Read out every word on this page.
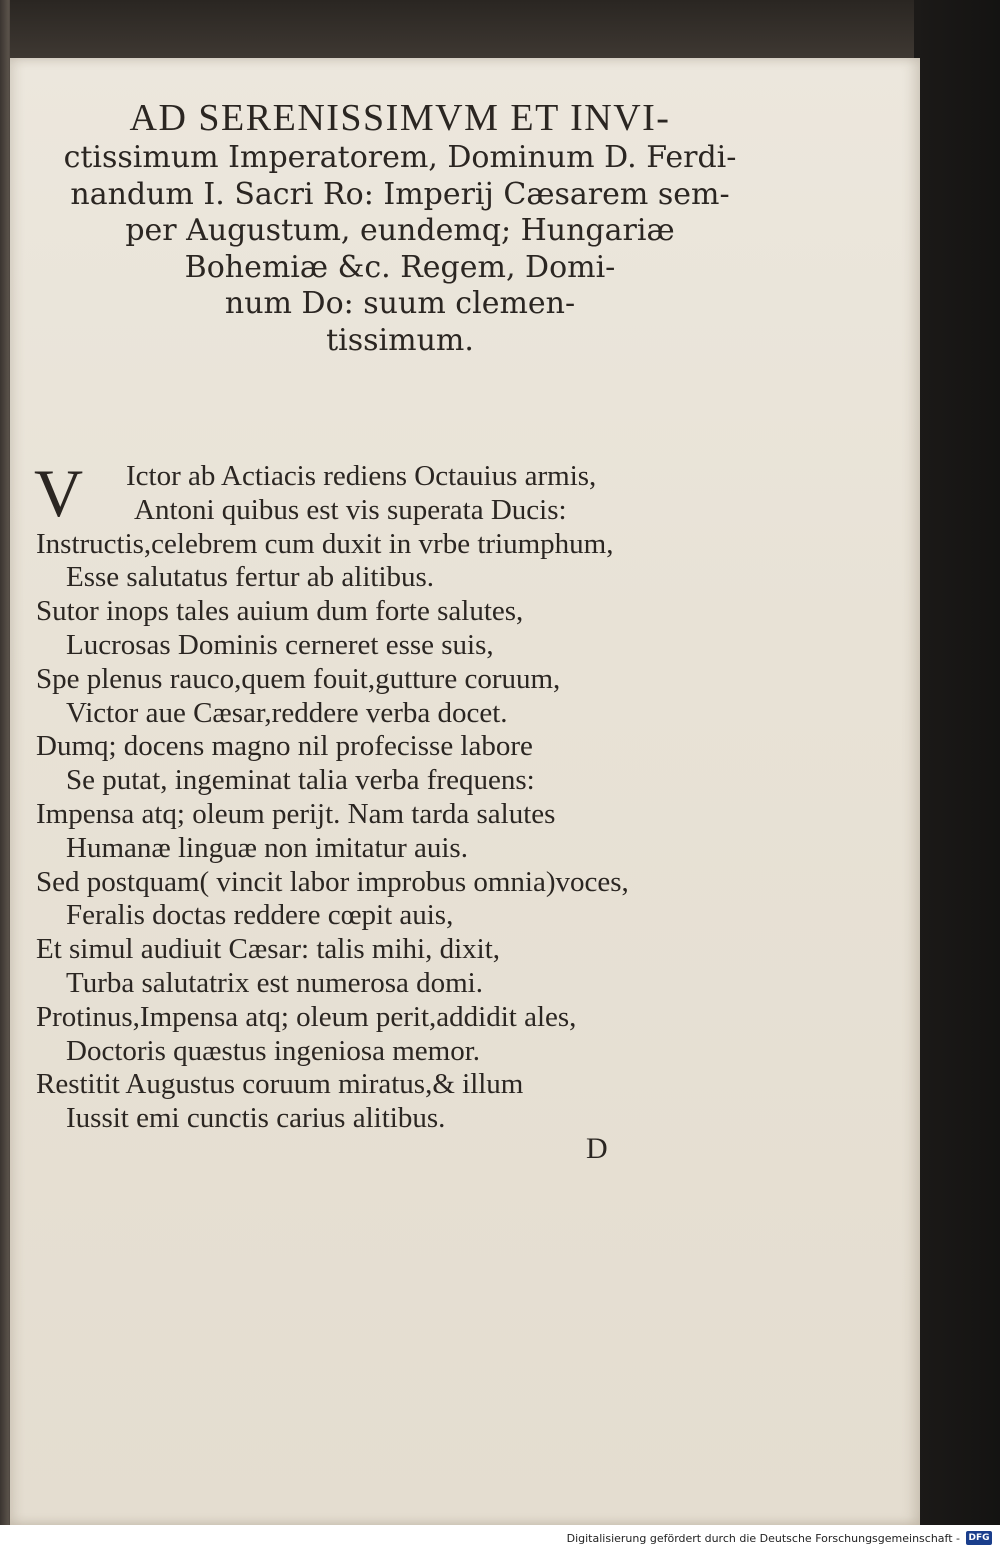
AD SERENISSIMVM ET INVI-
ctissimum Imperatorem, Dominum D. Ferdi-
nandum I. Sacri Ro: Imperij Cæsarem sem-
per Augustum, eundemq; Hungariæ
Bohemiæ &c. Regem, Domi-
num Do: suum clemen-
tissimum.
V	Ictor ab Actiacis rediens Octauius armis,

Antoni quibus est vis superata Ducis:

Instructis,celebrem cum duxit in vrbe triumphum,

Esse salutatus fertur ab alitibus.

Sutor inops tales auium dum forte salutes,

Lucrosas Dominis cerneret esse suis,

Spe plenus rauco,quem fouit,gutture coruum,

Victor aue Cæsar,reddere verba docet.

Dumq; docens magno nil profecisse labore

Se putat, ingeminat talia verba frequens:

Impensa atq; oleum perijt. Nam tarda salutes

Humanæ linguæ non imitatur auis.

Sed postquam( vincit labor improbus omnia)voces,

Feralis doctas reddere cœpit auis,

Et simul audiuit Cæsar: talis mihi, dixit,

Turba salutatrix est numerosa domi.

Protinus,Impensa atq; oleum perit,addidit ales,

Doctoris quæstus ingeniosa memor.

Restitit Augustus coruum miratus,& illum

Iussit emi cunctis carius alitibus.

D
Digitalisierung gefördert durch die Deutsche Forschungsgemeinschaft - DFG
